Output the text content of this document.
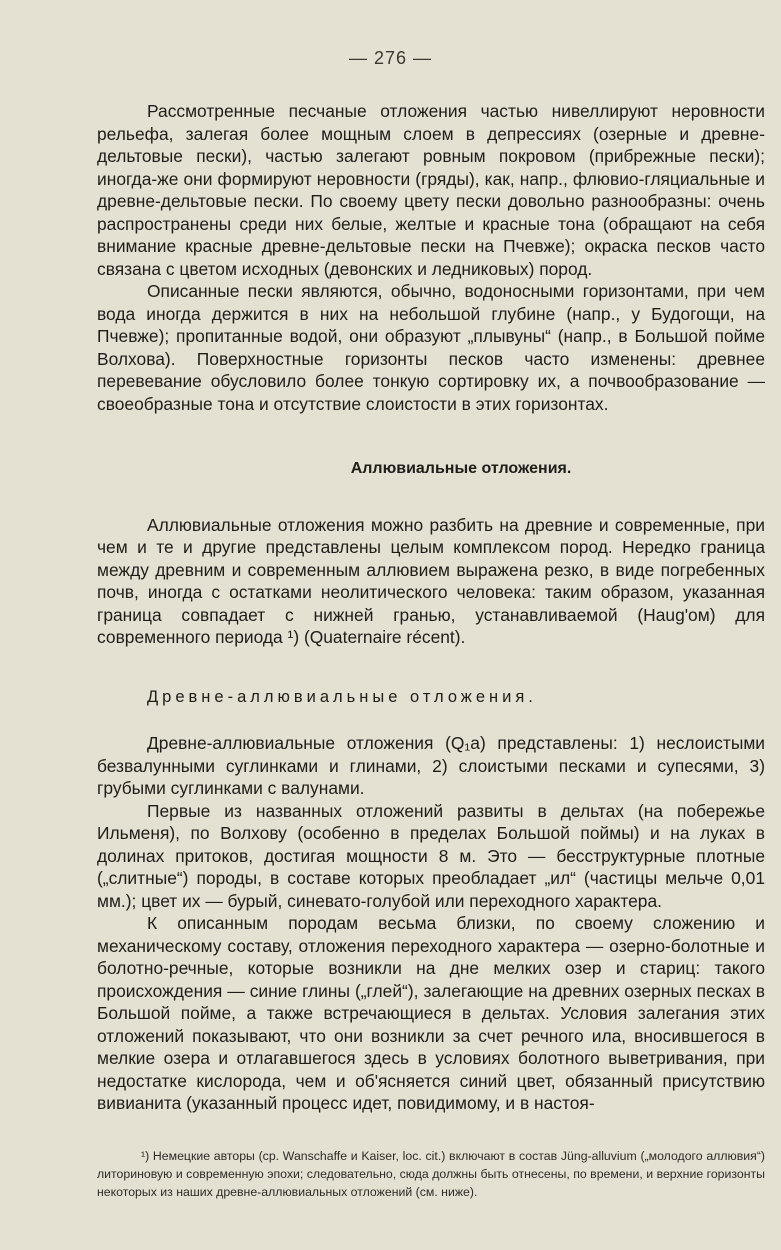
— 276 —

Рассмотренные песчаные отложения частью нивеллируют неровности рельефа, залегая более мощным слоем в депрессиях (озерные и древне-дельтовые пески), частью залегают ровным покровом (прибрежные пески); иногда-же они формируют неровности (гряды), как, напр., флювио-гляциальные и древне-дельтовые пески. По своему цвету пески довольно разнообразны: очень распространены среди них белые, желтые и красные тона (обращают на себя внимание красные древне-дельтовые пески на Пчевже); окраска песков часто связана с цветом исходных (девонских и ледниковых) пород.

Описанные пески являются, обычно, водоносными горизонтами, при чем вода иногда держится в них на небольшой глубине (напр., у Будогощи, на Пчевже); пропитанные водой, они образуют „плывуны“ (напр., в Большой пойме Волхова). Поверхностные горизонты песков часто изменены: древнее перевевание обусловило более тонкую сортировку их, а почвообразование — своеобразные тона и отсутствие слоистости в этих горизонтах.

Аллювиальные отложения.

Аллювиальные отложения можно разбить на древние и современные, при чем и те и другие представлены целым комплексом пород. Нередко граница между древним и современным аллювием выражена резко, в виде погребенных почв, иногда с остатками неолитического человека: таким образом, указанная граница совпадает с нижней гранью, устанавливаемой (Haug'ом) для современного периода ¹) (Quaternaire récent).

Древне-аллювиальные отложения.

Древне-аллювиальные отложения (Q₁a) представлены: 1) неслоистыми безвалунными суглинками и глинами, 2) слоистыми песками и супесями, 3) грубыми суглинками с валунами.

Первые из названных отложений развиты в дельтах (на побережье Ильменя), по Волхову (особенно в пределах Большой поймы) и на луках в долинах притоков, достигая мощности 8 м. Это — бесструктурные плотные („слитные“) породы, в составе которых преобладает „ил“ (частицы мельче 0,01 мм.); цвет их — бурый, синевато-голубой или переходного характера.

К описанным породам весьма близки, по своему сложению и механическому составу, отложения переходного характера — озерно-болотные и болотно-речные, которые возникли на дне мелких озер и стариц: такого происхождения — синие глины („глей“), залегающие на древних озерных песках в Большой пойме, а также встречающиеся в дельтах. Условия залегания этих отложений показывают, что они возникли за счет речного ила, вносившегося в мелкие озера и отлагавшегося здесь в условиях болотного выветривания, при недостатке кислорода, чем и об'ясняется синий цвет, обязанный присутствию вивианита (указанный процесс идет, повидимому, и в настоя-

¹) Немецкие авторы (ср. Wanschaffe и Kaiser, loc. cit.) включают в состав Jüng-alluvium („молодого аллювия“) литориновую и современную эпохи; следовательно, сюда должны быть отнесены, по времени, и верхние горизонты некоторых из наших древне-аллювиальных отложений (см. ниже).
